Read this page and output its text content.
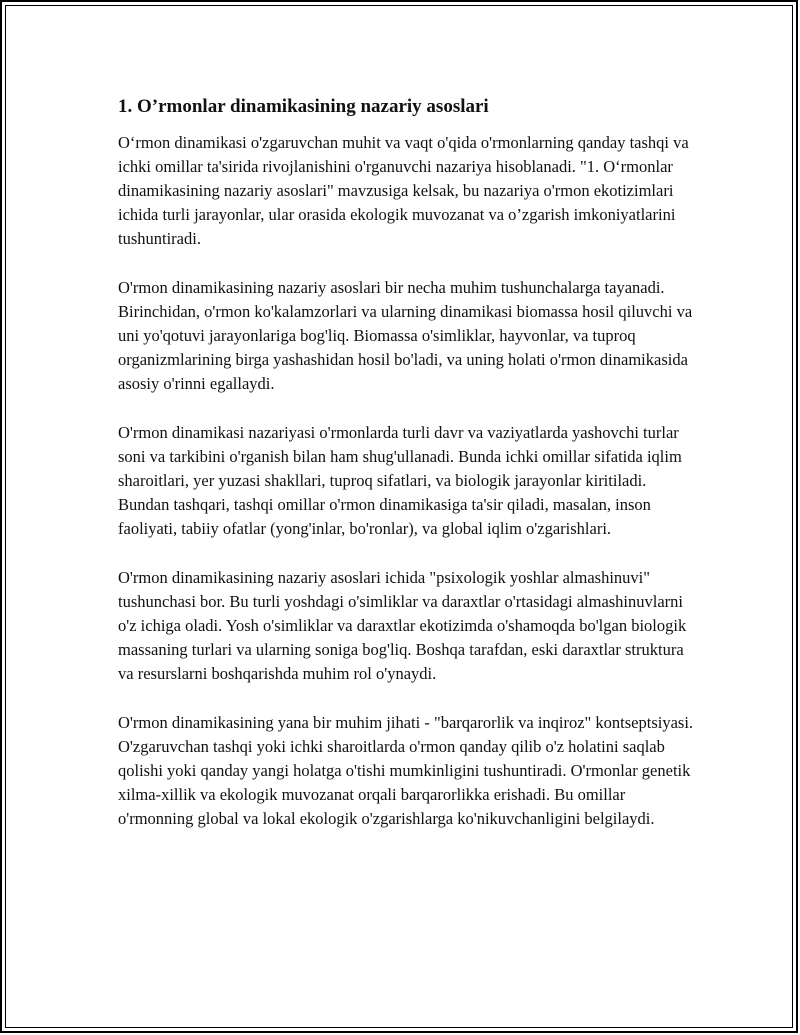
1. O’rmonlar dinamikasining nazariy asoslari

O‘rmon dinamikasi o'zgaruvchan muhit va vaqt o'qida o'rmonlarning qanday tashqi va ichki omillar ta'sirida rivojlanishini o'rganuvchi nazariya hisoblanadi. "1. O‘rmonlar dinamikasining nazariy asoslari" mavzusiga kelsak, bu nazariya o'rmon ekotizimlari ichida turli jarayonlar, ular orasida ekologik muvozanat va o’zgarish imkoniyatlarini tushuntiradi.

O'rmon dinamikasining nazariy asoslari bir necha muhim tushunchalarga tayanadi. Birinchidan, o'rmon ko'kalamzorlari va ularning dinamikasi biomassa hosil qiluvchi va uni yo'qotuvi jarayonlariga bog'liq. Biomassa o'simliklar, hayvonlar, va tuproq organizmlarining birga yashashidan hosil bo'ladi, va uning holati o'rmon dinamikasida asosiy o'rinni egallaydi.

O'rmon dinamikasi nazariyasi o'rmonlarda turli davr va vaziyatlarda yashovchi turlar soni va tarkibini o'rganish bilan ham shug'ullanadi. Bunda ichki omillar sifatida iqlim sharoitlari, yer yuzasi shakllari, tuproq sifatlari, va biologik jarayonlar kiritiladi. Bundan tashqari, tashqi omillar o'rmon dinamikasiga ta'sir qiladi, masalan, inson faoliyati, tabiiy ofatlar (yong'inlar, bo'ronlar), va global iqlim o'zgarishlari.

O'rmon dinamikasining nazariy asoslari ichida "psixologik yoshlar almashinuvi" tushunchasi bor. Bu turli yoshdagi o'simliklar va daraxtlar o'rtasidagi almashinuvlarni o'z ichiga oladi. Yosh o'simliklar va daraxtlar ekotizimda o'shamoqda bo'lgan biologik massaning turlari va ularning soniga bog'liq. Boshqa tarafdan, eski daraxtlar struktura va resurslarni boshqarishda muhim rol o'ynaydi.

O'rmon dinamikasining yana bir muhim jihati - "barqarorlik va inqiroz" kontseptsiyasi. O'zgaruvchan tashqi yoki ichki sharoitlarda o'rmon qanday qilib o'z holatini saqlab qolishi yoki qanday yangi holatga o'tishi mumkinligini tushuntiradi. O'rmonlar genetik xilma-xillik va ekologik muvozanat orqali barqarorlikka erishadi. Bu omillar o'rmonning global va lokal ekologik o'zgarishlarga ko'nikuvchanligini belgilaydi.
